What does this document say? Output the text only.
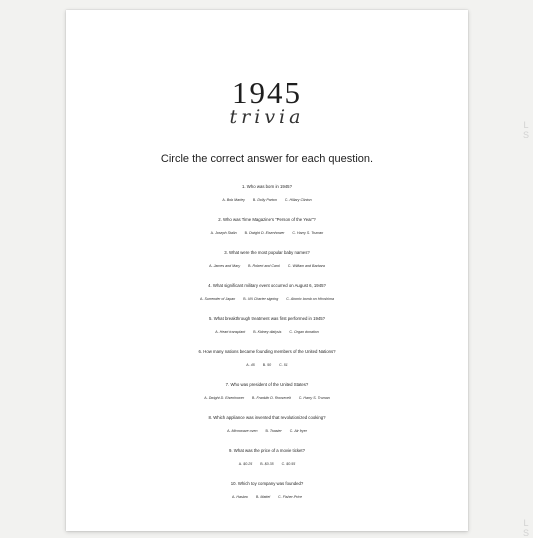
1945
trivia
Circle the correct answer for each question.
1. Who was born in 1945?
A. Bob Marley B. Dolly Parton C. Hillary Clinton
2. Who was Time Magazine’s “Person of the Year”?
A. Joseph Stalin B. Dwight D. Eisenhower C. Harry S. Truman
3. What were the most popular baby names?
A. James and Mary B. Robert and Carol C. William and Barbara
4. What significant military event occurred on August 6, 1945?
A. Surrender of Japan B. UN Charter signing C. Atomic bomb on Hiroshima
5. What breakthrough treatment was first performed in 1945?
A. Heart transplant B. Kidney dialysis C. Organ donation
6. How many nations became founding members of the United Nations?
A. 45 B. 50 C. 51
7. Who was president of the United States?
A. Dwight D. Eisenhower B. Franklin D. Roosevelt C. Harry S. Truman
8. Which appliance was invented that revolutionized cooking?
A. Microwave oven B. Toaster C. Air fryer
9. What was the price of a movie ticket?
A. $0.25 B. $0.35 C. $0.55
10. Which toy company was founded?
A. Hasbro B. Mattel C. Fisher-Price
L
S
L
S
